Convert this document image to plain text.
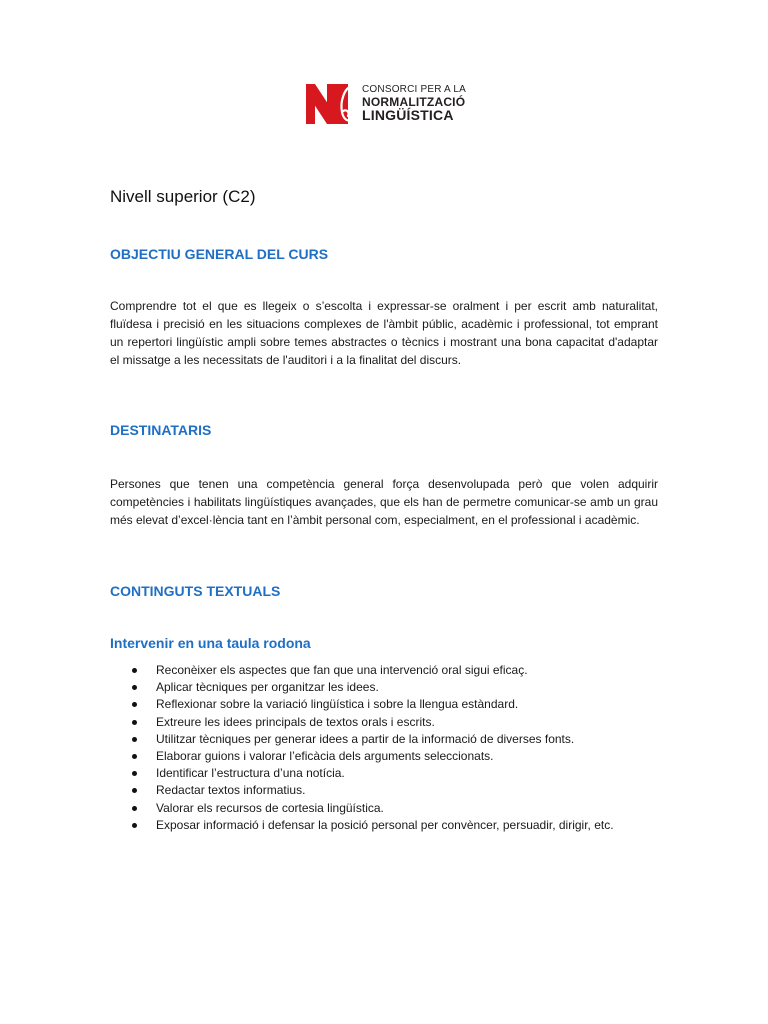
CONSORCI PER A LA
NORMALITZACIÓ
LINGÜÍSTICA
Nivell superior (C2)
OBJECTIU GENERAL DEL CURS

Comprendre tot el que es llegeix o s’escolta i expressar-se oralment i per escrit amb naturalitat, fluïdesa i precisió en les situacions complexes de l'àmbit públic, acadèmic i professional, tot emprant un repertori lingüístic ampli sobre temes abstractes o tècnics i mostrant una bona capacitat d'adaptar el missatge a les necessitats de l'auditori i a la finalitat del discurs.

DESTINATARIS

Persones que tenen una competència general força desenvolupada però que volen adquirir competències i habilitats lingüístiques avançades, que els han de permetre comunicar-se amb un grau més elevat d’excel·lència tant en l’àmbit personal com, especialment, en el professional i acadèmic.

CONTINGUTS TEXTUALS
Intervenir en una taula rodona
Reconèixer els aspectes que fan que una intervenció oral sigui eficaç.
Aplicar tècniques per organitzar les idees.
Reflexionar sobre la variació lingüística i sobre la llengua estàndard.
Extreure les idees principals de textos orals i escrits.
Utilitzar tècniques per generar idees a partir de la informació de diverses fonts.
Elaborar guions i valorar l’eficàcia dels arguments seleccionats.
Identificar l’estructura d’una notícia.
Redactar textos informatius.
Valorar els recursos de cortesia lingüística.
Exposar informació i defensar la posició personal per convèncer, persuadir, dirigir, etc.
